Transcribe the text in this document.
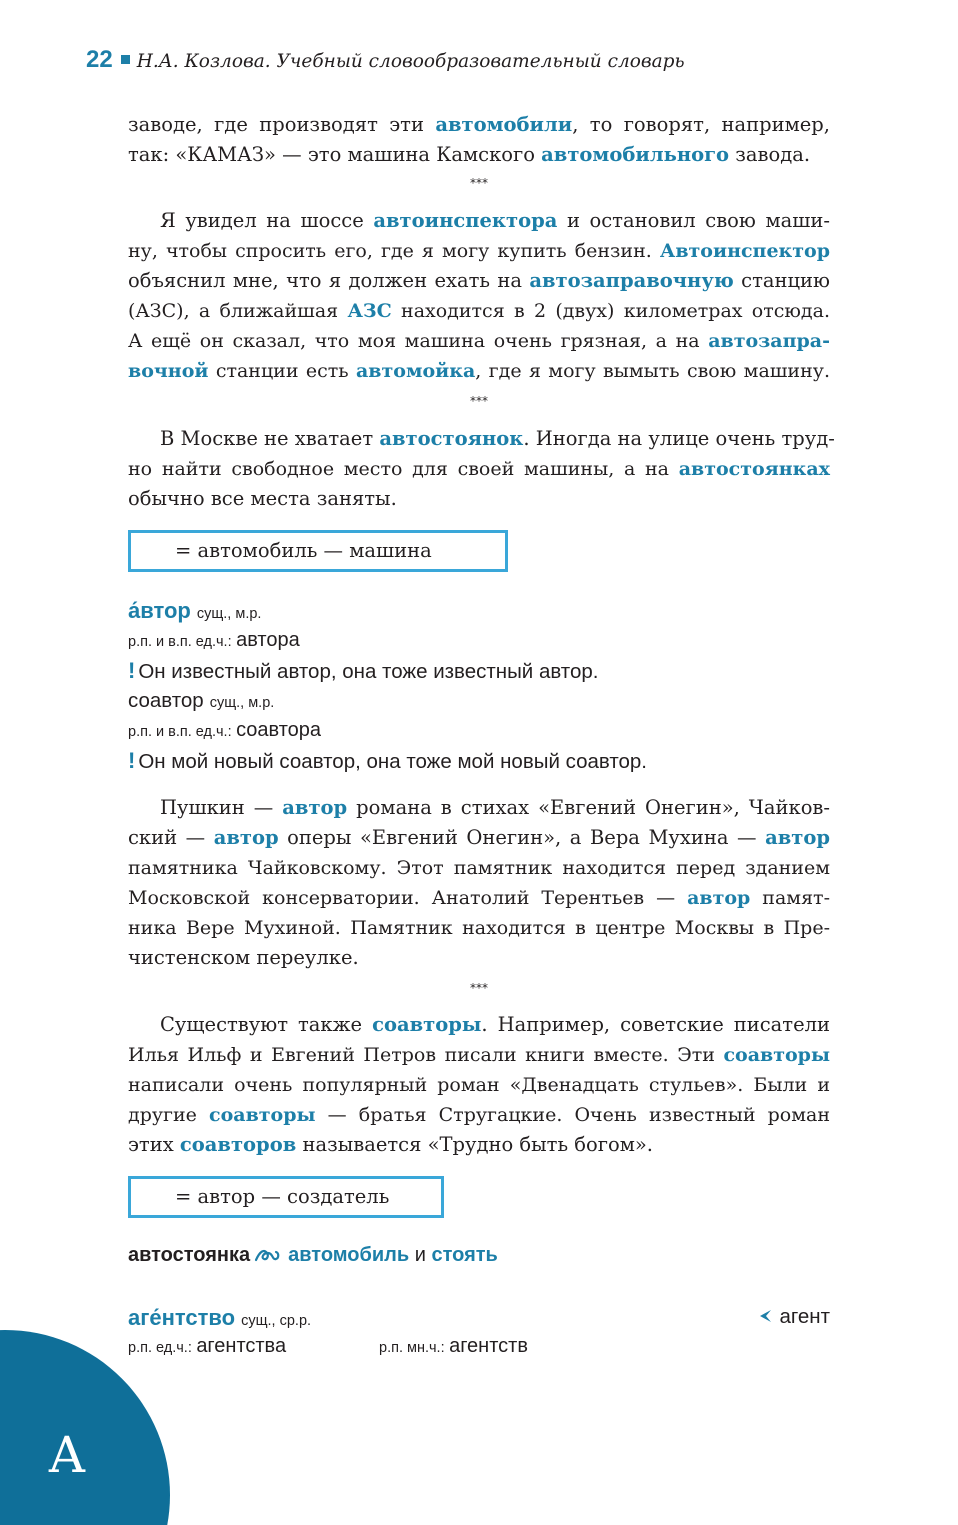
22 Н.А. Козлова. Учебный словообразовательный словарь
заводе, где производят эти автомобили, то говорят, например,
так: «КАМАЗ» — это машина Камского автомобильного завода.
***
Я увидел на шоссе автоинспектора и остановил свою маши-
ну, чтобы спросить его, где я могу купить бензин. Автоинспектор
объяснил мне, что я должен ехать на автозаправочную станцию
(АЗС), а ближайшая АЗС находится в 2 (двух) километрах отсюда.
А ещё он сказал, что моя машина очень грязная, а на автозапра-
вочной станции есть автомойка, где я могу вымыть свою машину.
***
В Москве не хватает автостоянок. Иногда на улице очень труд-
но найти свободное место для своей машины, а на автостоянках
обычно все места заняты.
= автомобиль — машина
а́втор сущ., м.р.
р.п. и в.п. ед.ч.: автора
! Он известный автор, она тоже известный автор.
соавтор сущ., м.р.
р.п. и в.п. ед.ч.: соавтора
! Он мой новый соавтор, она тоже мой новый соавтор.
Пушкин — автор романа в стихах «Евгений Онегин», Чайков-
ский — автор оперы «Евгений Онегин», а Вера Мухина — автор
памятника Чайковскому. Этот памятник находится перед зданием
Московской консерватории. Анатолий Терентьев — автор памят-
ника Вере Мухиной. Памятник находится в центре Москвы в Пре-
чистенском переулке.
***
Существуют также соавторы. Например, советские писатели
Илья Ильф и Евгений Петров писали книги вместе. Эти соавторы
написали очень популярный роман «Двенадцать стульев». Были и
другие соавторы — братья Стругацкие. Очень известный роман
этих соавторов называется «Трудно быть богом».
= автор — создатель
автостоянка автомобиль и стоять
аге́нтство сущ., ср.р.	агент
р.п. ед.ч.: агентства	р.п. мн.ч.: агентств
А
